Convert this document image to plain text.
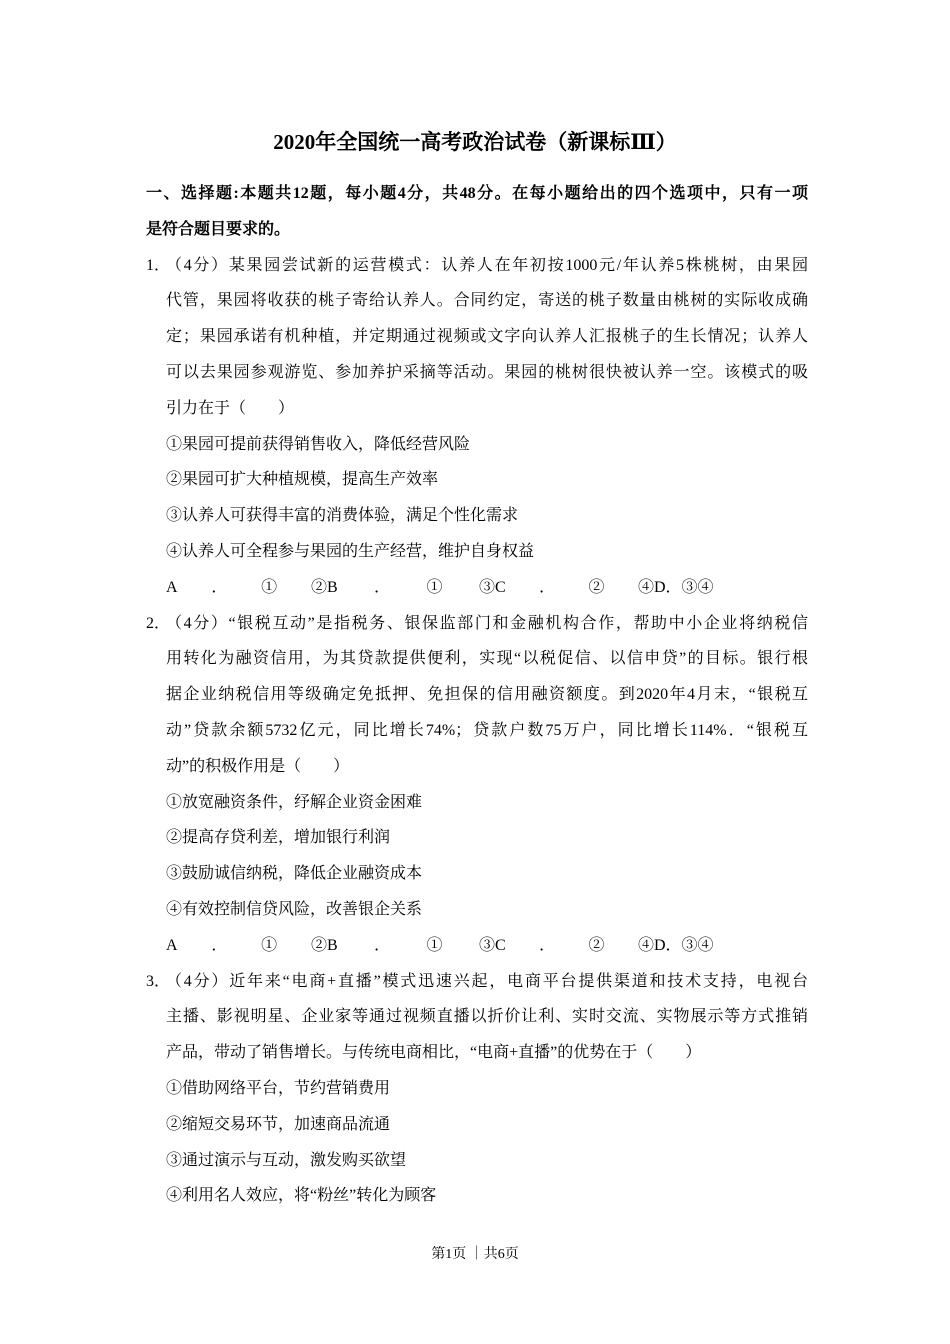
2020年全国统一高考政治试卷（新课标Ⅲ）
一、选择题:本题共12题，每小题4分，共48分。在每小题给出的四个选项中，只有一项
是符合题目要求的。
1．
（4分）某果园尝试新的运营模式：认养人在年初按1000元/年认养5株桃树，由果园
代管，果园将收获的桃子寄给认养人。合同约定，寄送的桃子数量由桃树的实际收成确
定；果园承诺有机种植，并定期通过视频或文字向认养人汇报桃子的生长情况；认养人
可以去果园参观游览、参加养护采摘等活动。果园的桃树很快被认养一空。该模式的吸
引力在于（　　）
①果园可提前获得销售收入，降低经营风险
②果园可扩大种植规模，提高生产效率
③认养人可获得丰富的消费体验，满足个性化需求
④认养人可全程参与果园的生产经营，维护自身权益
A．①② B．①③ C．②④ D．③④
2．
（4分）“银税互动”是指税务、银保监部门和金融机构合作，帮助中小企业将纳税信
用转化为融资信用，为其贷款提供便利，实现“以税促信、以信申贷”的目标。银行根
据企业纳税信用等级确定免抵押、免担保的信用融资额度。到2020年4月末，“银税互
动”贷款余额5732亿元，同比增长74%；贷款户数75万户，同比增长114%．“银税互
动”的积极作用是（　　）
①放宽融资条件，纾解企业资金困难
②提高存贷利差，增加银行利润
③鼓励诚信纳税，降低企业融资成本
④有效控制信贷风险，改善银企关系
A．①② B．①③ C．②④ D．③④
3．
（4分）近年来“电商+直播”模式迅速兴起，电商平台提供渠道和技术支持，电视台
主播、影视明星、企业家等通过视频直播以折价让利、实时交流、实物展示等方式推销
产品，带动了销售增长。与传统电商相比，“电商+直播”的优势在于（　　）
①借助网络平台，节约营销费用
②缩短交易环节，加速商品流通
③通过演示与互动，激发购买欲望
④利用名人效应，将“粉丝”转化为顾客
第1页 ｜共6页
